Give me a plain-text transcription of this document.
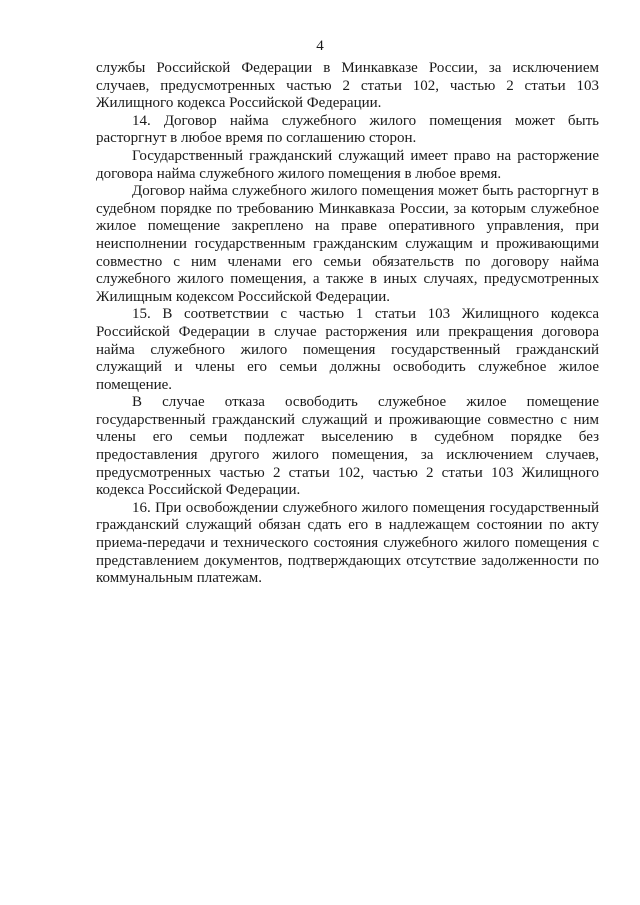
4

службы Российской Федерации в Минкавказе России, за исключением случаев, предусмотренных частью 2 статьи 102, частью 2 статьи 103 Жилищного кодекса Российской Федерации.

14. Договор найма служебного жилого помещения может быть расторгнут в любое время по соглашению сторон.

Государственный гражданский служащий имеет право на расторжение договора найма служебного жилого помещения в любое время.

Договор найма служебного жилого помещения может быть расторгнут в судебном порядке по требованию Минкавказа России, за которым служебное жилое помещение закреплено на праве оперативного управления, при неисполнении государственным гражданским служащим и проживающими совместно с ним членами его семьи обязательств по договору найма служебного жилого помещения, а также в иных случаях, предусмотренных Жилищным кодексом Российской Федерации.

15. В соответствии с частью 1 статьи 103 Жилищного кодекса Российской Федерации в случае расторжения или прекращения договора найма служебного жилого помещения государственный гражданский служащий и члены его семьи должны освободить служебное жилое помещение.

В случае отказа освободить служебное жилое помещение государственный гражданский служащий и проживающие совместно с ним члены его семьи подлежат выселению в судебном порядке без предоставления другого жилого помещения, за исключением случаев, предусмотренных частью 2 статьи 102, частью 2 статьи 103 Жилищного кодекса Российской Федерации.

16. При освобождении служебного жилого помещения государственный гражданский служащий обязан сдать его в надлежащем состоянии по акту приема-передачи и технического состояния служебного жилого помещения с представлением документов, подтверждающих отсутствие задолженности по коммунальным платежам.
